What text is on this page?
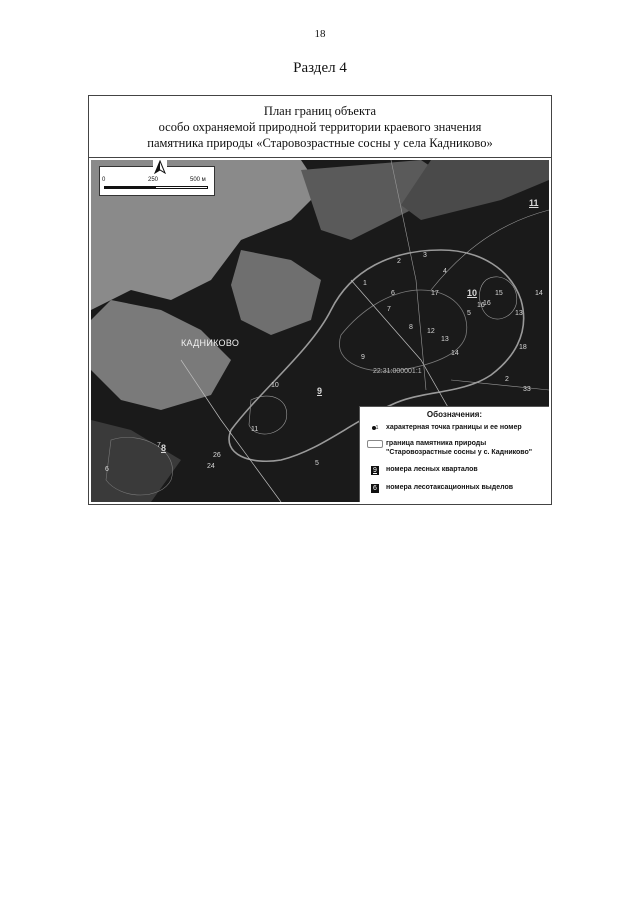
18
Раздел 4
План границ объекта
особо охраняемой природной территории краевого значения
памятника природы «Старовозрастные сосны у села Кадниково»
0	250	500 м
КАДНИКОВО
22:31:000001:1
10
11
9
8
1
2
3
4
5
6
7
8
9
10
11
12
13
14
15
16
17
6
5
7
13
14
33
24
2
16
18
26
Обозначения:
1 характерная точка границы и ее номер
граница памятника природы "Старовозрастные сосны у с. Кадниково"
9 номера лесных кварталов
6 номера лесотаксационных выделов
